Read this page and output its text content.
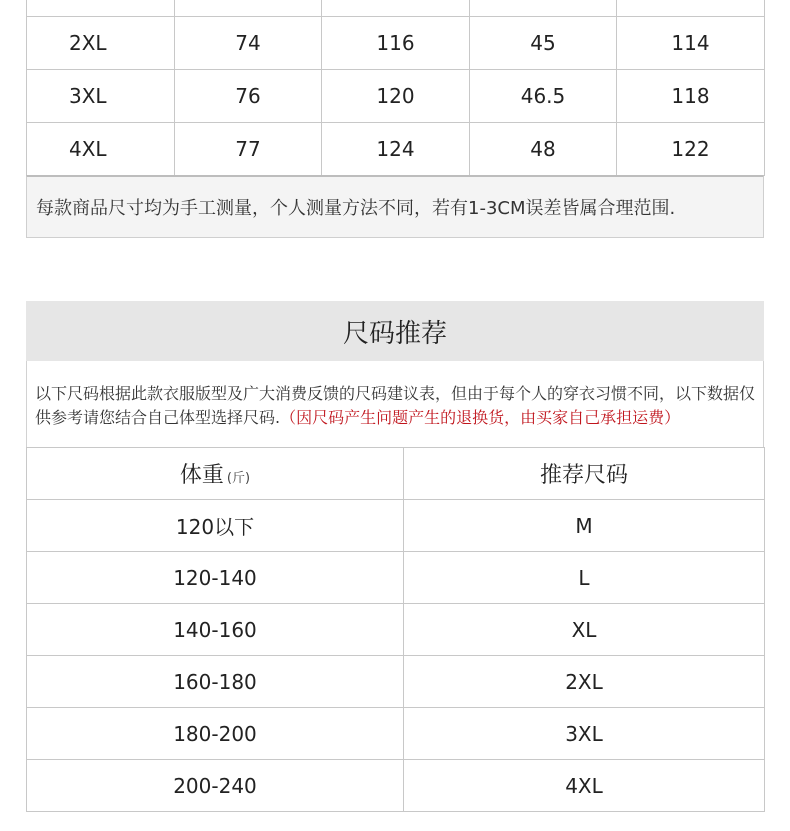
2XL	74	116	45	114
3XL	76	120	46.5	118
4XL	77	124	48	122
每款商品尺寸均为手工测量，个人测量方法不同，若有1-3CM误差皆属合理范围.
尺码推荐
以下尺码根据此款衣服版型及广大消费反馈的尺码建议表，但由于每个人的穿衣习惯不同，以下数据仅供参考请您结合自己体型选择尺码.（因尺码产生问题产生的退换货，由买家自己承担运费）
体重 (斤)	推荐尺码
120以下	M
120-140	L
140-160	XL
160-180	2XL
180-200	3XL
200-240	4XL
